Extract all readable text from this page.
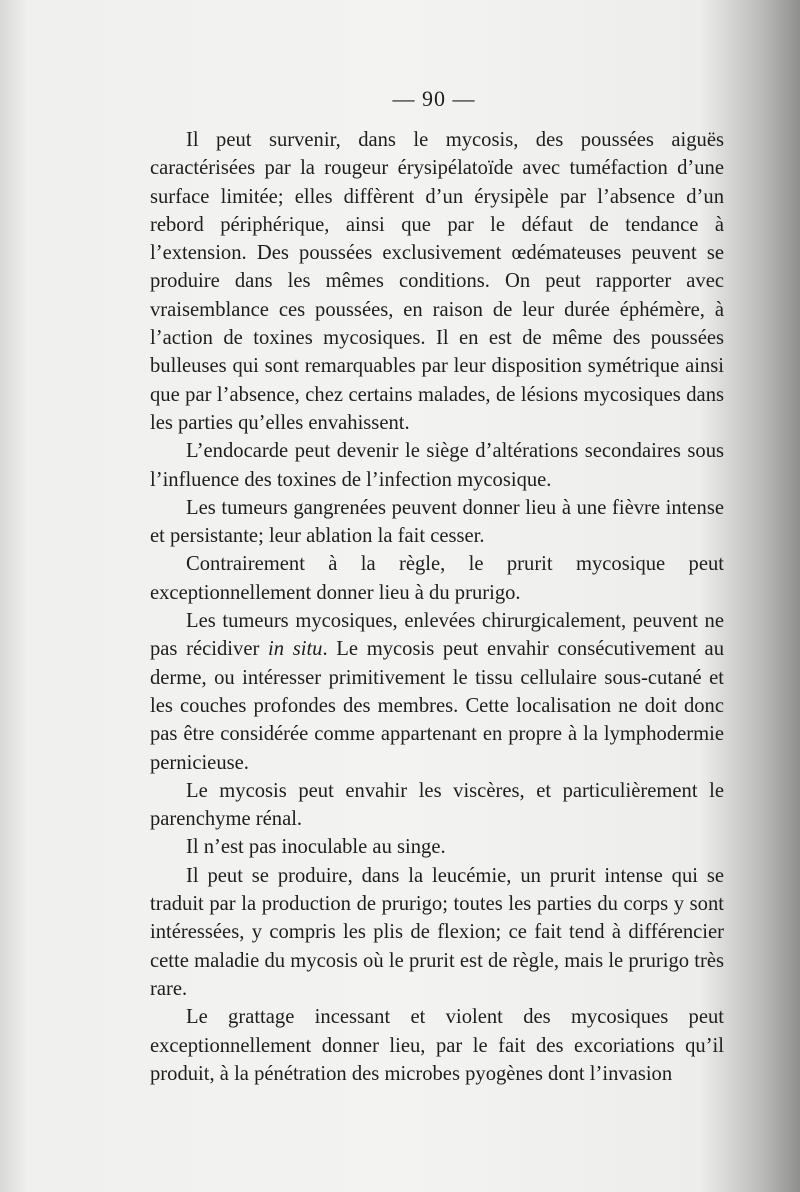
— 90 —

Il peut survenir, dans le mycosis, des poussées aiguës caractérisées par la rougeur érysipélatoïde avec tuméfaction d’une surface limitée; elles diffèrent d’un érysipèle par l’absence d’un rebord périphérique, ainsi que par le défaut de tendance à l’extension. Des poussées exclusivement œdémateuses peuvent se produire dans les mêmes conditions. On peut rapporter avec vraisemblance ces poussées, en raison de leur durée éphémère, à l’action de toxines mycosiques. Il en est de même des poussées bulleuses qui sont remarquables par leur disposition symétrique ainsi que par l’absence, chez certains malades, de lésions mycosiques dans les parties qu’elles envahissent.

L’endocarde peut devenir le siège d’altérations secondaires sous l’influence des toxines de l’infection mycosique.

Les tumeurs gangrenées peuvent donner lieu à une fièvre intense et persistante; leur ablation la fait cesser.

Contrairement à la règle, le prurit mycosique peut exceptionnellement donner lieu à du prurigo.

Les tumeurs mycosiques, enlevées chirurgicalement, peuvent ne pas récidiver in situ. Le mycosis peut envahir consécutivement au derme, ou intéresser primitivement le tissu cellulaire sous-cutané et les couches profondes des membres. Cette localisation ne doit donc pas être considérée comme appartenant en propre à la lymphodermie pernicieuse.

Le mycosis peut envahir les viscères, et particulièrement le parenchyme rénal.

Il n’est pas inoculable au singe.

Il peut se produire, dans la leucémie, un prurit intense qui se traduit par la production de prurigo; toutes les parties du corps y sont intéressées, y compris les plis de flexion; ce fait tend à différencier cette maladie du mycosis où le prurit est de règle, mais le prurigo très rare.

Le grattage incessant et violent des mycosiques peut exceptionnellement donner lieu, par le fait des excoriations qu’il produit, à la pénétration des microbes pyogènes dont l’invasion
